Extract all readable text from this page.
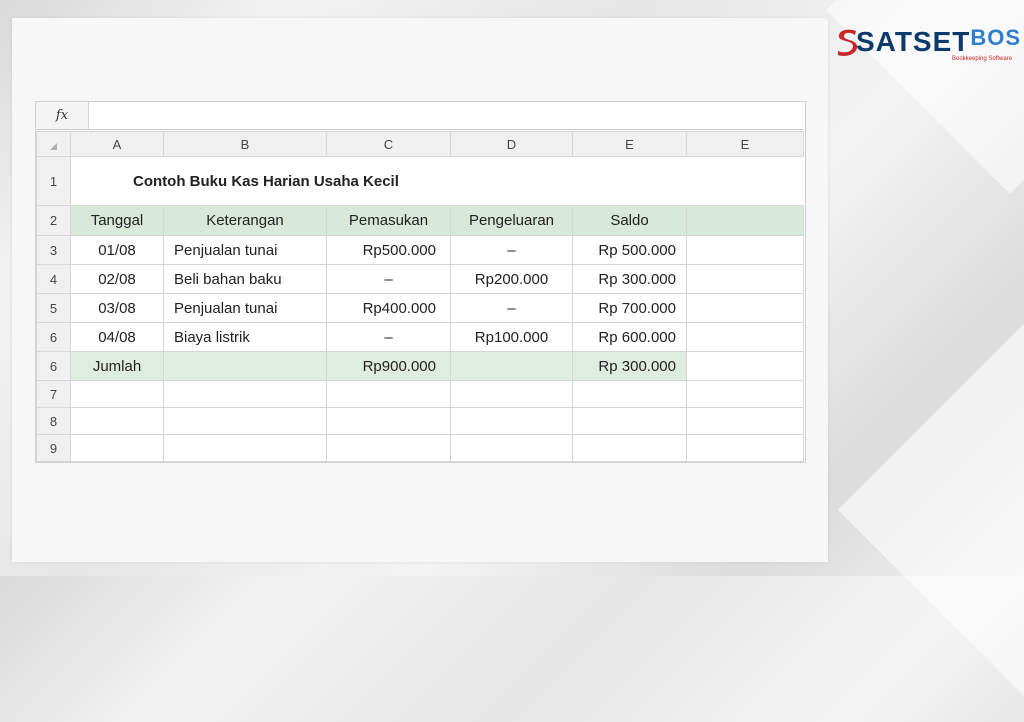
$SATSET^{BOS}$
Bookkeeping Software
fx
	A	B	C	D	E	E
1	Contoh Buku Kas Harian Usaha Kecil					
2	Tanggal	Keterangan	Pemasukan	Pengeluaran	Saldo	
3	01/08	Penjualan tunai	Rp500.000	–	Rp 500.000	
4	02/08	Beli bahan baku	–	Rp200.000	Rp 300.000	
5	03/08	Penjualan tunai	Rp400.000	–	Rp 700.000	
6	04/08	Biaya listrik	–	Rp100.000	Rp 600.000	
6	Jumlah		Rp900.000		Rp 300.000	
7						
8						
9						
